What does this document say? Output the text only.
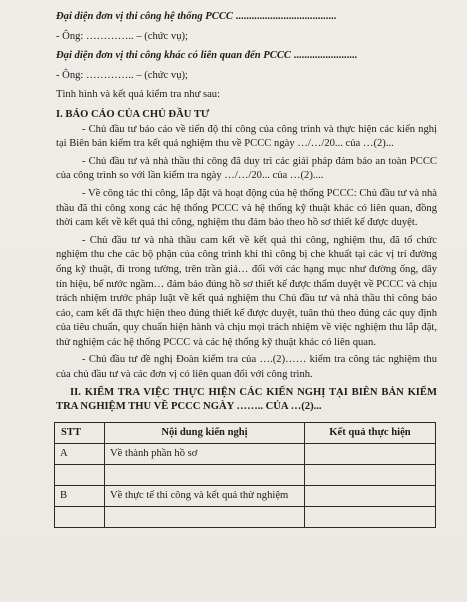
Đại diện đơn vị thi công hệ thống PCCC ......................................
- Ông: ………….. – (chức vụ);
Đại diện đơn vị thi công khác có liên quan đến PCCC ........................
- Ông: ………….. – (chức vụ);
Tình hình và kết quả kiểm tra như sau:
I. BÁO CÁO CỦA CHỦ ĐẦU TƯ

- Chủ đầu tư báo cáo về tiến độ thi công của công trình và thực hiện các kiến nghị tại Biên bản kiểm tra kết quả nghiệm thu về PCCC ngày …/…/20... của …(2)...

- Chủ đầu tư và nhà thầu thi công đã duy trì các giải pháp đảm bảo an toàn PCCC của công trình so với lần kiểm tra ngày …/…/20... của …(2)....

- Về công tác thi công, lắp đặt và hoạt động của hệ thống PCCC: Chủ đầu tư và nhà thầu đã thi công xong các hệ thống PCCC và hệ thống kỹ thuật khác có liên quan, đồng thời cam kết về kết quả thi công, nghiệm thu đảm bảo theo hồ sơ thiết kế được duyệt.

- Chủ đầu tư và nhà thầu cam kết về kết quả thi công, nghiệm thu, đã tổ chức nghiệm thu che các bộ phận của công trình khi thi công bị che khuất tại các vị trí đường ống kỹ thuật, đi trong tường, trên trần giả… đối với các hạng mục như đường ống, dây tín hiệu, bể nước ngầm… đảm bảo đúng hồ sơ thiết kế được thẩm duyệt về PCCC và chịu trách nhiệm trước pháp luật về kết quả nghiệm thu Chủ đầu tư và nhà thầu thi công báo cáo, cam kết đã thực hiện theo đúng thiết kế được duyệt, tuân thủ theo đúng các quy định của tiêu chuẩn, quy chuẩn hiện hành và chịu mọi trách nhiệm về việc nghiệm thu lắp đặt, thử nghiệm các hệ thống PCCC và các hệ thống kỹ thuật khác có liên quan.

- Chủ đầu tư đề nghị Đoàn kiểm tra của ….(2)…… kiểm tra công tác nghiệm thu của chủ đầu tư và các đơn vị có liên quan đối với công trình.

II. KIỂM TRA VIỆC THỰC HIỆN CÁC KIẾN NGHỊ TẠI BIÊN BẢN KIỂM TRA NGHIỆM THU VỀ PCCC NGÀY …….. CỦA …(2)...
STT	Nội dung kiến nghị	Kết quả thực hiện
A	Về thành phần hồ sơ	

B	Về thực tế thi công và kết quả thử nghiệm	
